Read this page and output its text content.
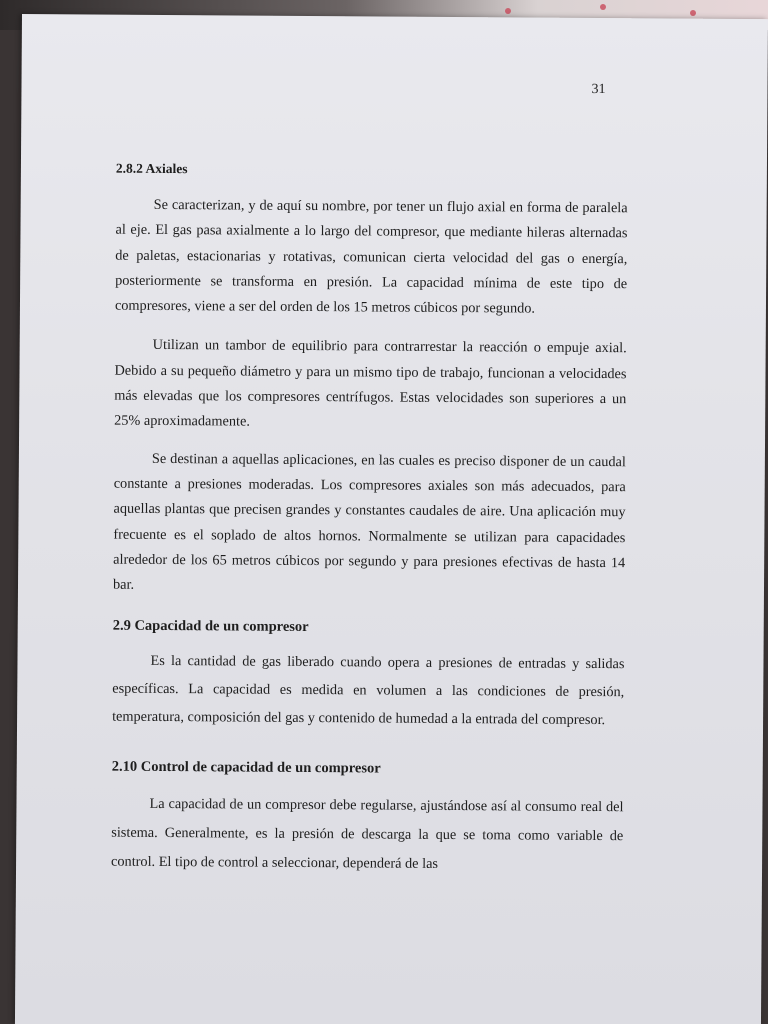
31

2.8.2 Axiales

Se caracterizan, y de aquí su nombre, por tener un flujo axial en forma de paralela al eje. El gas pasa axialmente a lo largo del compresor, que mediante hileras alternadas de paletas, estacionarias y rotativas, comunican cierta velocidad del gas o energía, posteriormente se transforma en presión. La capacidad mínima de este tipo de compresores, viene a ser del orden de los 15 metros cúbicos por segundo.

Utilizan un tambor de equilibrio para contrarrestar la reacción o empuje axial. Debido a su pequeño diámetro y para un mismo tipo de trabajo, funcionan a velocidades más elevadas que los compresores centrífugos. Estas velocidades son superiores a un 25% aproximadamente.

Se destinan a aquellas aplicaciones, en las cuales es preciso disponer de un caudal constante a presiones moderadas. Los compresores axiales son más adecuados, para aquellas plantas que precisen grandes y constantes caudales de aire. Una aplicación muy frecuente es el soplado de altos hornos. Normalmente se utilizan para capacidades alrededor de los 65 metros cúbicos por segundo y para presiones efectivas de hasta 14 bar.

2.9 Capacidad de un compresor

Es la cantidad de gas liberado cuando opera a presiones de entradas y salidas específicas. La capacidad es medida en volumen a las condiciones de presión, temperatura, composición del gas y contenido de humedad a la entrada del compresor.

2.10 Control de capacidad de un compresor

La capacidad de un compresor debe regularse, ajustándose así al consumo real del sistema. Generalmente, es la presión de descarga la que se toma como variable de control. El tipo de control a seleccionar, dependerá de las
